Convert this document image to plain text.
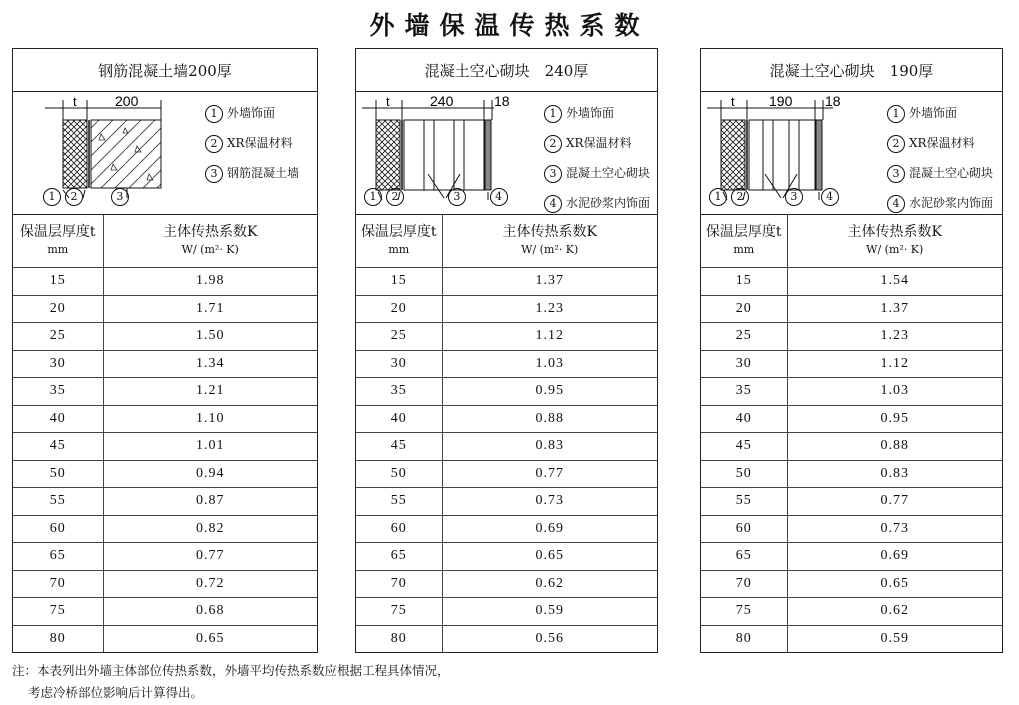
外墙保温传热系数
钢筋混凝土墙200厚
t	200
1 2	3
1 外墙饰面
2 XR保温材料
3 钢筋混凝土墙
保温层厚度t
mm	主体传热系数K
W/ (m²· K)

15	1.98
20	1.71
25	1.50
30	1.34
35	1.21
40	1.10
45	1.01
50	0.94
55	0.87
60	0.82
65	0.77
70	0.72
75	0.68
80	0.65
混凝土空心砌块　240厚
t	240	18
1 2	3	4
1 外墙饰面
2 XR保温材料
3 混凝土空心砌块
4 水泥砂浆内饰面
保温层厚度t
mm	主体传热系数K
W/ (m²· K)

15	1.37
20	1.23
25	1.12
30	1.03
35	0.95
40	0.88
45	0.83
50	0.77
55	0.73
60	0.69
65	0.65
70	0.62
75	0.59
80	0.56
混凝土空心砌块　190厚
t 190 18
1 2	3	4
1 外墙饰面
2 XR保温材料
3 混凝土空心砌块
4 水泥砂浆内饰面
保温层厚度t
mm	主体传热系数K
W/ (m²· K)

15	1.54
20	1.37
25	1.23
30	1.12
35	1.03
40	0.95
45	0.88
50	0.83
55	0.77
60	0.73
65	0.69
70	0.65
75	0.62
80	0.59
注：本表列出外墙主体部位传热系数，外墙平均传热系数应根据工程具体情况，
考虑冷桥部位影响后计算得出。
